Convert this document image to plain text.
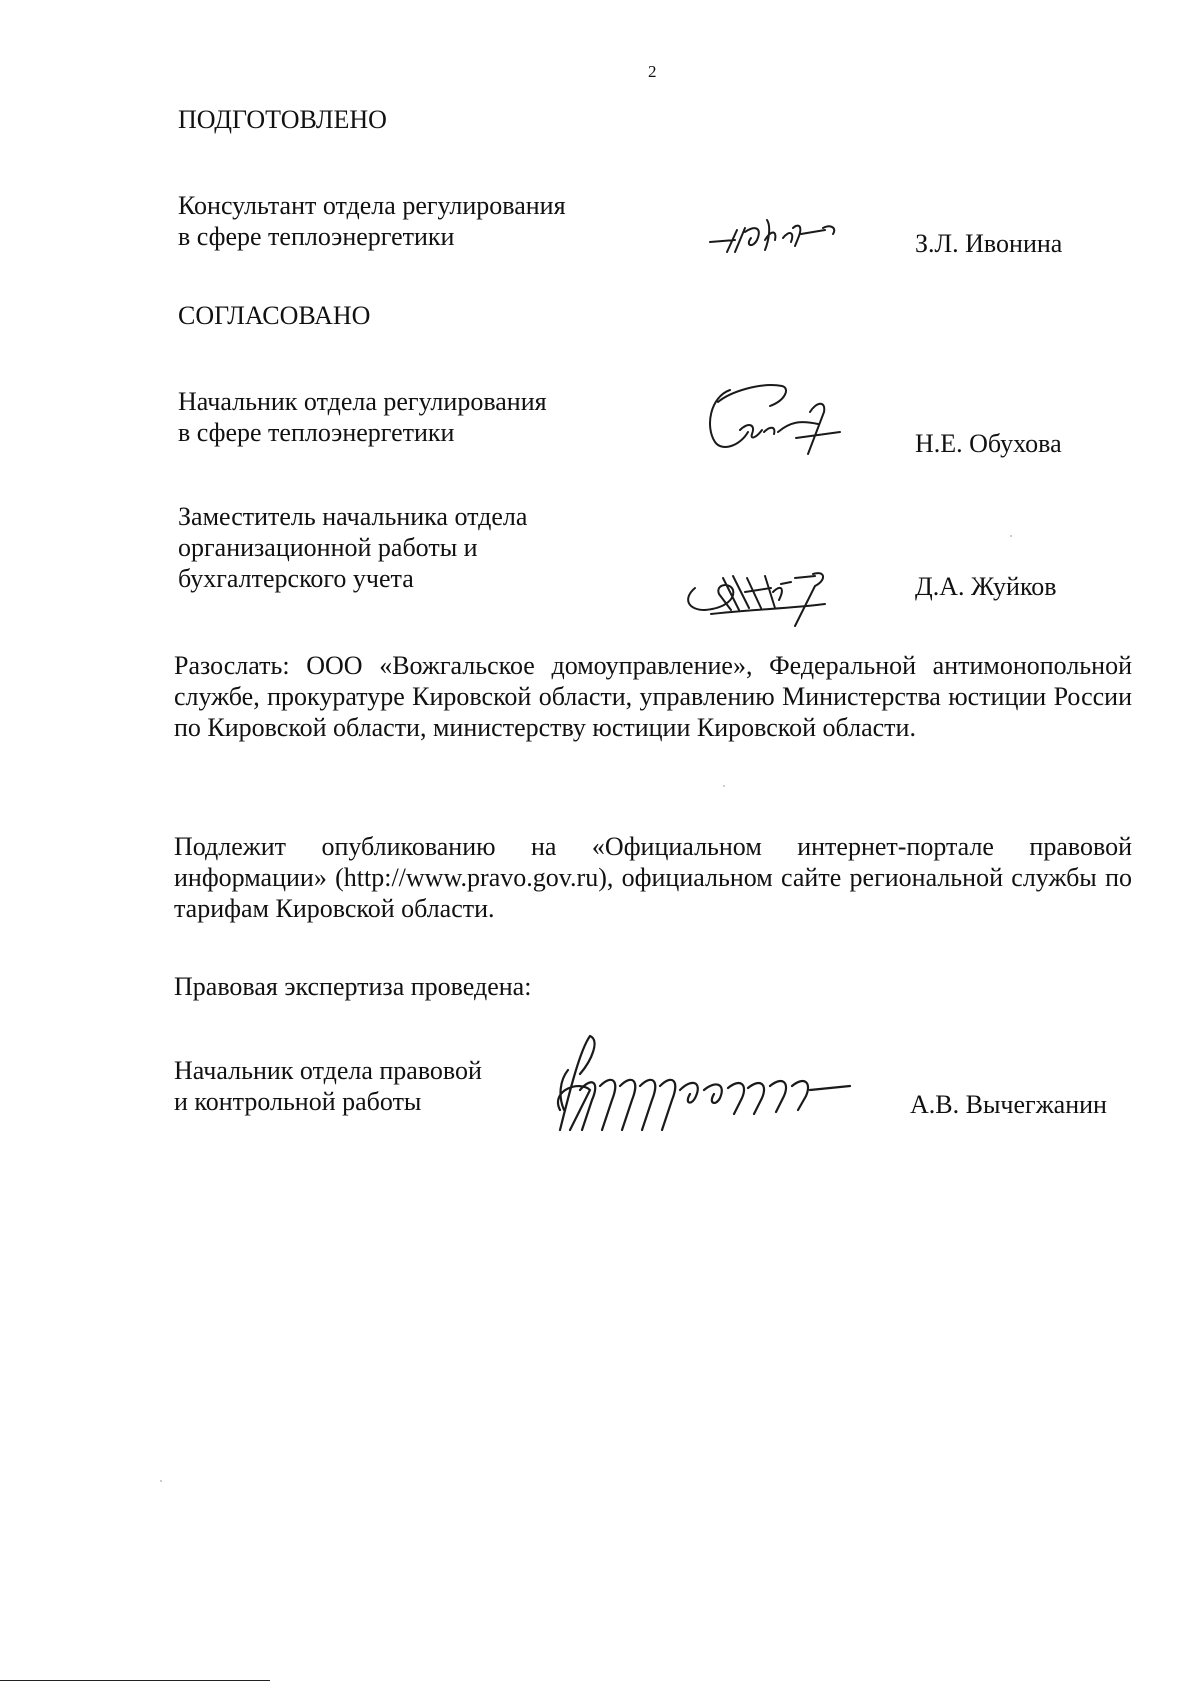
2
ПОДГОТОВЛЕНО
Консультант отдела регулирования
в сфере теплоэнергетики	З.Л. Ивонина
СОГЛАСОВАНО
Начальник отдела регулирования
в сфере теплоэнергетики	Н.Е. Обухова
Заместитель начальника отдела
организационной работы и
бухгалтерского учета	Д.А. Жуйков
Разослать: ООО «Вожгальское домоуправление», Федеральной антимонопольной службе, прокуратуре Кировской области, управлению Министерства юстиции России по Кировской области, министерству юстиции Кировской области.
Подлежит опубликованию на «Официальном интернет-портале правовой информации» (http://www.pravo.gov.ru), официальном сайте региональной службы по тарифам Кировской области.
Правовая экспертиза проведена:
Начальник отдела правовой
и контрольной работы	А.В. Вычегжанин
